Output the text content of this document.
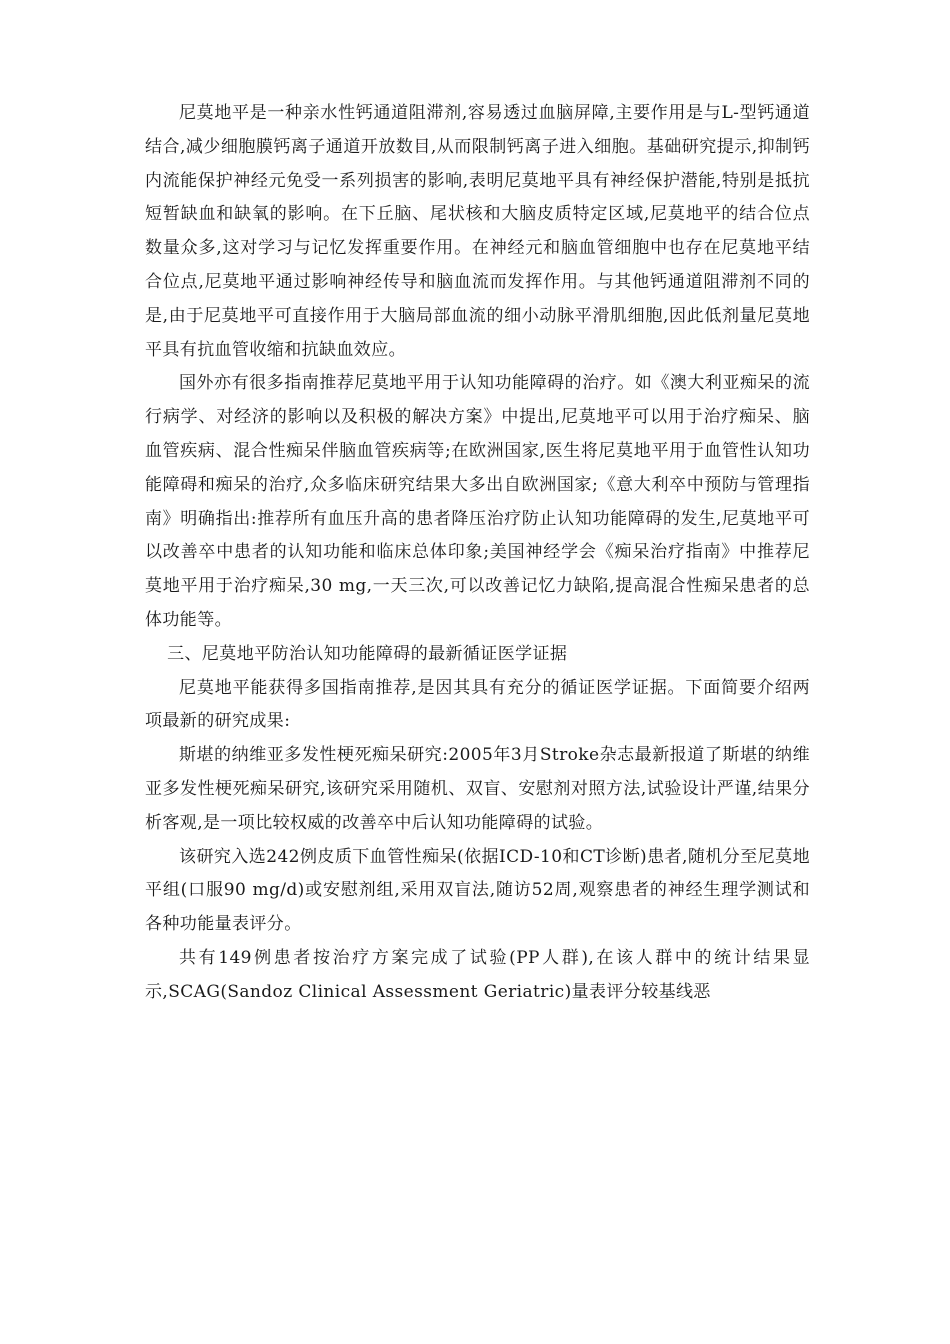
尼莫地平是一种亲水性钙通道阻滞剂,容易透过血脑屏障,主要作用是与L-型钙通道结合,减少细胞膜钙离子通道开放数目,从而限制钙离子进入细胞。基础研究提示,抑制钙内流能保护神经元免受一系列损害的影响,表明尼莫地平具有神经保护潜能,特别是抵抗短暂缺血和缺氧的影响。在下丘脑、尾状核和大脑皮质特定区域,尼莫地平的结合位点数量众多,这对学习与记忆发挥重要作用。在神经元和脑血管细胞中也存在尼莫地平结合位点,尼莫地平通过影响神经传导和脑血流而发挥作用。与其他钙通道阻滞剂不同的是,由于尼莫地平可直接作用于大脑局部血流的细小动脉平滑肌细胞,因此低剂量尼莫地平具有抗血管收缩和抗缺血效应。

国外亦有很多指南推荐尼莫地平用于认知功能障碍的治疗。如《澳大利亚痴呆的流行病学、对经济的影响以及积极的解决方案》中提出,尼莫地平可以用于治疗痴呆、脑血管疾病、混合性痴呆伴脑血管疾病等;在欧洲国家,医生将尼莫地平用于血管性认知功能障碍和痴呆的治疗,众多临床研究结果大多出自欧洲国家;《意大利卒中预防与管理指南》明确指出:推荐所有血压升高的患者降压治疗防止认知功能障碍的发生,尼莫地平可以改善卒中患者的认知功能和临床总体印象;美国神经学会《痴呆治疗指南》中推荐尼莫地平用于治疗痴呆,30 mg,一天三次,可以改善记忆力缺陷,提高混合性痴呆患者的总体功能等。

三、尼莫地平防治认知功能障碍的最新循证医学证据

尼莫地平能获得多国指南推荐,是因其具有充分的循证医学证据。下面简要介绍两项最新的研究成果:

斯堪的纳维亚多发性梗死痴呆研究:2005年3月Stroke杂志最新报道了斯堪的纳维亚多发性梗死痴呆研究,该研究采用随机、双盲、安慰剂对照方法,试验设计严谨,结果分析客观,是一项比较权威的改善卒中后认知功能障碍的试验。

该研究入选242例皮质下血管性痴呆(依据ICD-10和CT诊断)患者,随机分至尼莫地平组(口服90 mg/d)或安慰剂组,采用双盲法,随访52周,观察患者的神经生理学测试和各种功能量表评分。

共有149例患者按治疗方案完成了试验(PP人群),在该人群中的统计结果显示,SCAG(Sandoz Clinical Assessment Geriatric)量表评分较基线恶
